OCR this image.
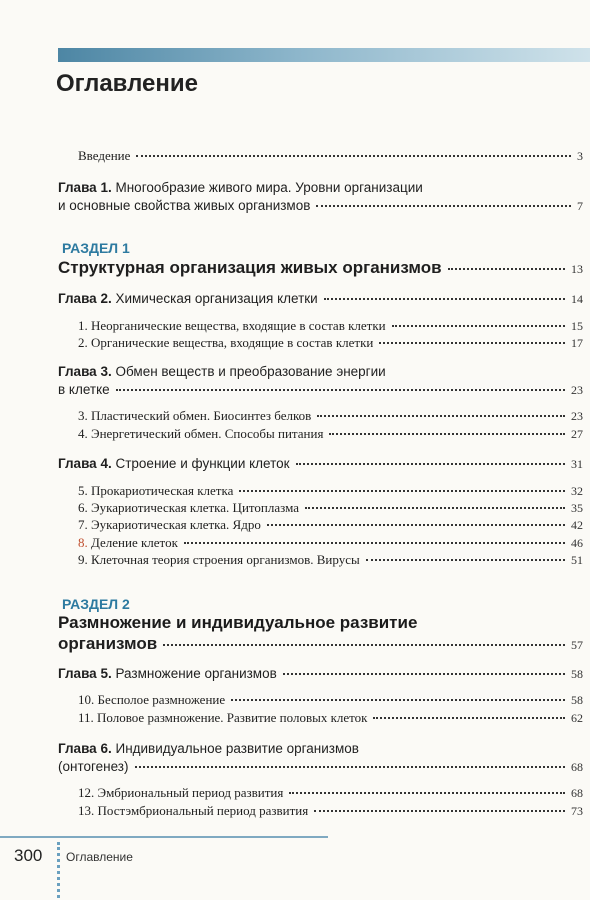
Оглавление
Введение	3
Глава 1. Многообразие живого мира. Уровни организации
и основные свойства живых организмов	7
РАЗДЕЛ 1
Структурная организация живых организмов	13
Глава 2. Химическая организация клетки	14
1. Неорганические вещества, входящие в состав клетки	15
2. Органические вещества, входящие в состав клетки	17
Глава 3. Обмен веществ и преобразование энергии
в клетке	23
3. Пластический обмен. Биосинтез белков	23
4. Энергетический обмен. Способы питания	27
Глава 4. Строение и функции клеток	31
5. Прокариотическая клетка	32
6. Эукариотическая клетка. Цитоплазма	35
7. Эукариотическая клетка. Ядро	42
8. Деление клеток	46
9. Клеточная теория строения организмов. Вирусы	51
РАЗДЕЛ 2
Размножение и индивидуальное развитие
организмов	57
Глава 5. Размножение организмов	58
10. Бесполое размножение	58
11. Половое размножение. Развитие половых клеток	62
Глава 6. Индивидуальное развитие организмов
(онтогенез)	68
12. Эмбриональный период развития	68
13. Постэмбриональный период развития	73
300 Оглавление
